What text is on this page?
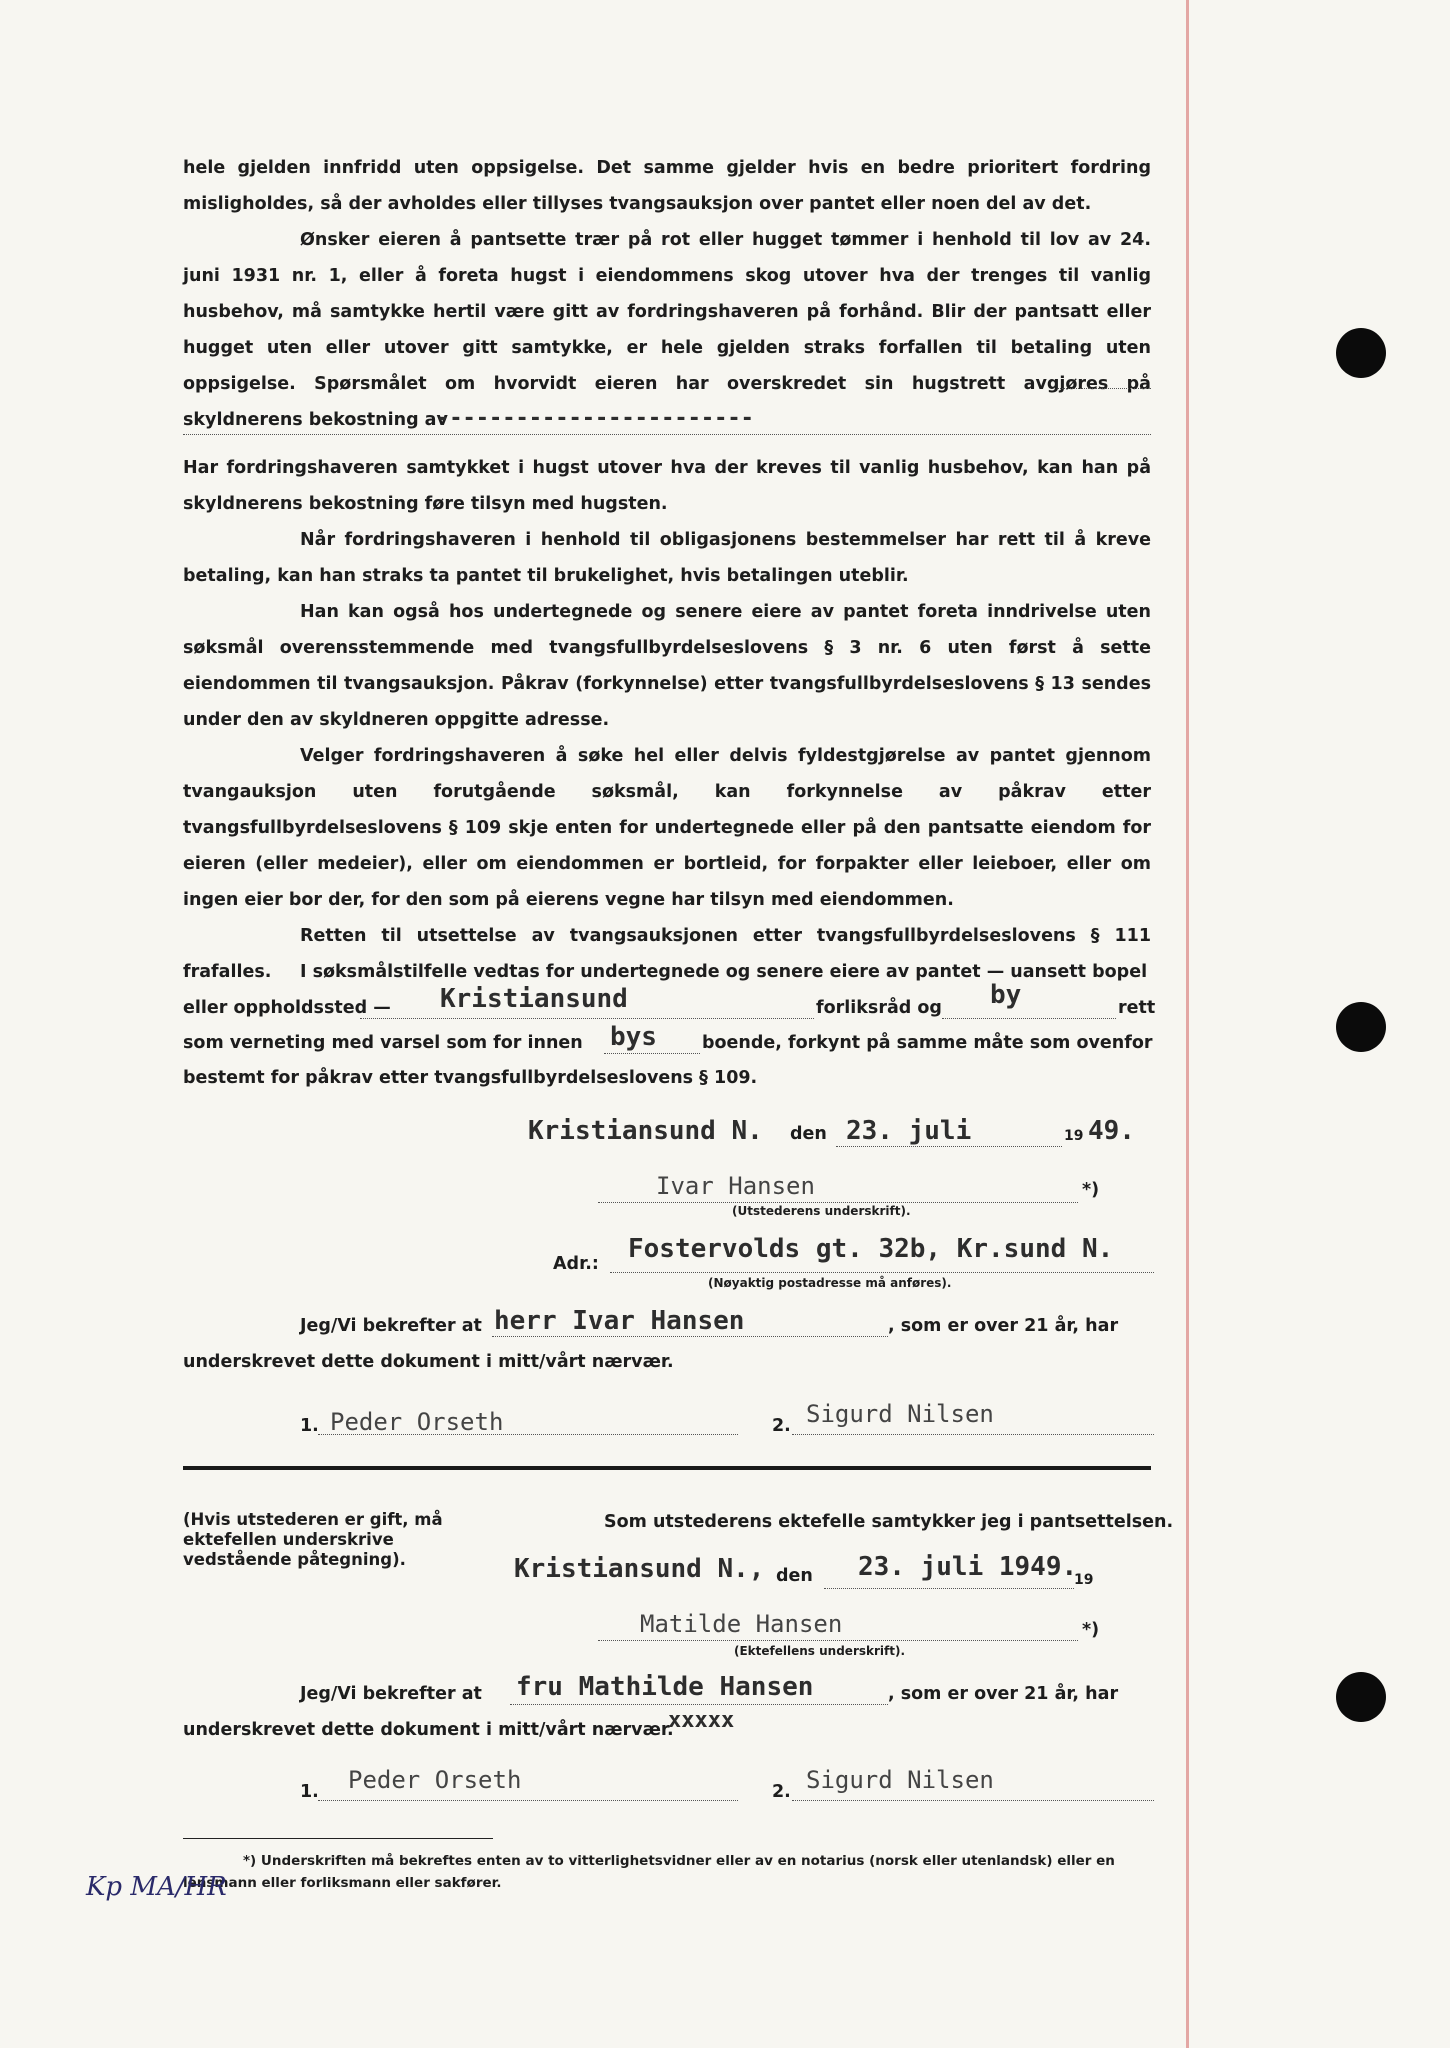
hele gjelden innfridd uten oppsigelse. Det samme gjelder hvis en bedre prioritert fordring misligholdes, så der avholdes eller tillyses tvangsauksjon over pantet eller noen del av det.

Ønsker eieren å pantsette trær på rot eller hugget tømmer i henhold til lov av 24. juni 1931 nr. 1, eller å foreta hugst i eiendommens skog utover hva der trenges til vanlig husbehov, må samtykke hertil være gitt av fordringshaveren på forhånd. Blir der pantsatt eller hugget uten eller utover gitt samtykke, er hele gjelden straks forfallen til betaling uten oppsigelse. Spørsmålet om hvorvidt eieren har overskredet sin hugstrett avgjøres på skyldnerens bekostning av

------------------------

Har fordringshaveren samtykket i hugst utover hva der kreves til vanlig husbehov, kan han på skyldnerens bekostning føre tilsyn med hugsten.

Når fordringshaveren i henhold til obligasjonens bestemmelser har rett til å kreve betaling, kan han straks ta pantet til brukelighet, hvis betalingen uteblir.

Han kan også hos undertegnede og senere eiere av pantet foreta inndrivelse uten søksmål overensstemmende med tvangsfullbyrdelseslovens § 3 nr. 6 uten først å sette eiendommen til tvangsauksjon. Påkrav (forkynnelse) etter tvangsfullbyrdelseslovens § 13 sendes under den av skyldneren oppgitte adresse.

Velger fordringshaveren å søke hel eller delvis fyldestgjørelse av pantet gjennom tvangauksjon uten forutgående søksmål, kan forkynnelse av påkrav etter tvangsfullbyrdelseslovens § 109 skje enten for undertegnede eller på den pantsatte eiendom for eieren (eller medeier), eller om eiendommen er bortleid, for forpakter eller leieboer, eller om ingen eier bor der, for den som på eierens vegne har tilsyn med eiendommen.

Retten til utsettelse av tvangsauksjonen etter tvangsfullbyrdelseslovens § 111 frafalles.	I søksmålstilfelle vedtas for undertegnede og senere eiere av pantet — uansett bopel
eller oppholdssted — Kristiansund	forliksråd og by	rett
som verneting med varsel som for innen bys	boende, forkynt på samme måte som ovenfor
bestemt for påkrav etter tvangsfullbyrdelseslovens § 109.
Kristiansund N. den 23. juli	19 49.
Ivar Hansen	*)
(Utstederens underskrift).
Adr.: Fostervolds gt. 32b, Kr.sund N.
(Nøyaktig postadresse må anføres).
Jeg/Vi bekrefter at herr Ivar Hansen	, som er over 21 år, har
underskrevet dette dokument i mitt/vårt nærvær.
1. Peder Orseth	2. Sigurd Nilsen
(Hvis utstederen er gift, må ektefellen underskrive vedstående påtegning).
Som utstederens ektefelle samtykker jeg i pantsettelsen.
Kristiansund N., den 23. juli 1949.
19
Matilde Hansen	*)
(Ektefellens underskrift).
Jeg/Vi bekrefter at fru Mathilde Hansen	, som er over 21 år, har
underskrevet dette dokument i mitt/vårt nærvær.
xxxxx
1. Peder Orseth	2. Sigurd Nilsen
*) Underskriften må bekreftes enten av to vitterlighetsvidner eller av en notarius (norsk eller utenlandsk) eller en lensmann eller forliksmann eller sakfører.
Kp MA/HR
